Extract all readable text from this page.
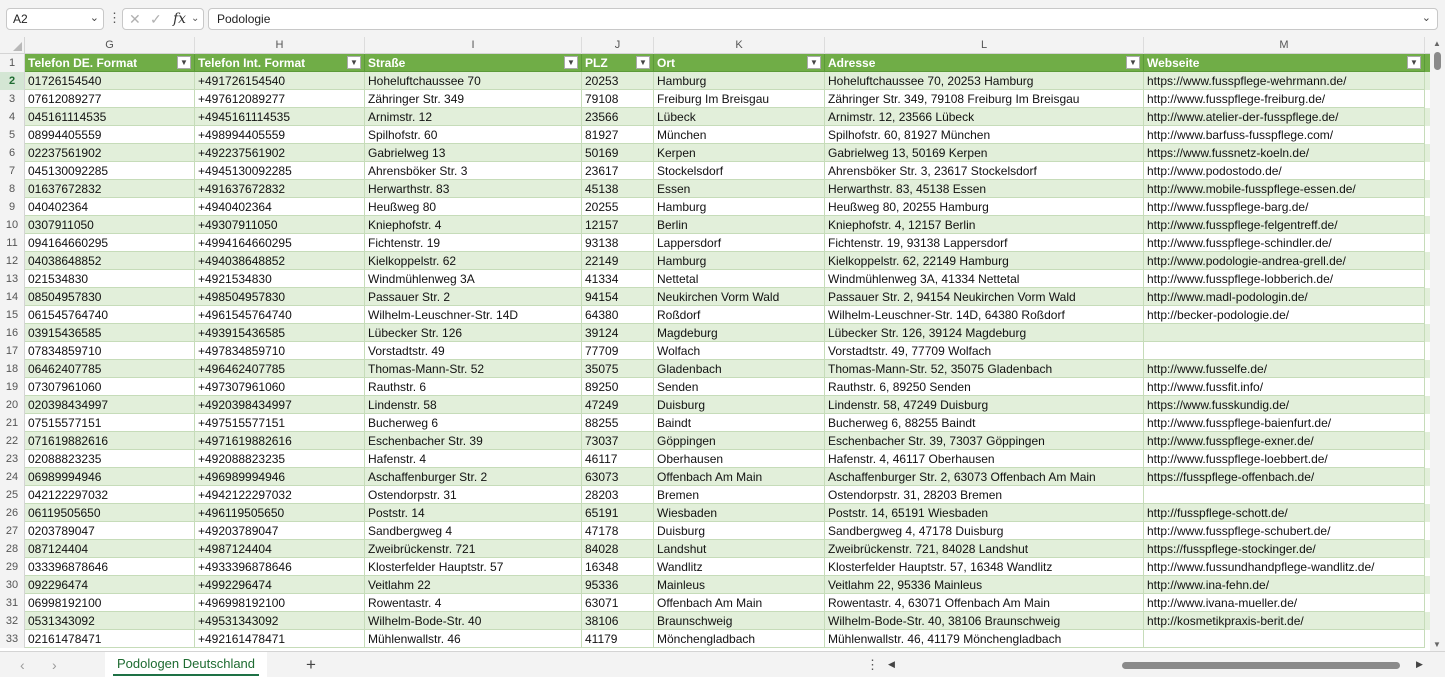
A2	⌄ ⋮ ✕ ✓ fx ⌄	Podologie	⌄
G	H	I	J	K	L	M
1
2
3
4
5
6
7
8
9
10
11
12
13
14
15
16
17
18
19
20
21
22
23
24
25
26
27
28
29
30
31
32
33
Telefon DE. Format	▼ Telefon Int. Format	▼ Straße	▼ PLZ	▼ Ort	▼ Adresse	▼ Webseite	▼
01726154540	+491726154540	Hoheluftchaussee 70	20253	Hamburg	Hoheluftchaussee 70, 20253 Hamburg	https://www.fusspflege-wehrmann.de/
07612089277	+497612089277	Zähringer Str. 349	79108	Freiburg Im Breisgau	Zähringer Str. 349, 79108 Freiburg Im Breisgau	http://www.fusspflege-freiburg.de/
045161114535	+4945161114535	Arnimstr. 12	23566	Lübeck	Arnimstr. 12, 23566 Lübeck	http://www.atelier-der-fusspflege.de/
08994405559	+498994405559	Spilhofstr. 60	81927	München	Spilhofstr. 60, 81927 München	http://www.barfuss-fusspflege.com/
02237561902	+492237561902	Gabrielweg 13	50169	Kerpen	Gabrielweg 13, 50169 Kerpen	https://www.fussnetz-koeln.de/
045130092285	+4945130092285	Ahrensböker Str. 3	23617	Stockelsdorf	Ahrensböker Str. 3, 23617 Stockelsdorf	http://www.podostodo.de/
01637672832	+491637672832	Herwarthstr. 83	45138	Essen	Herwarthstr. 83, 45138 Essen	http://www.mobile-fusspflege-essen.de/
040402364	+4940402364	Heußweg 80	20255	Hamburg	Heußweg 80, 20255 Hamburg	http://www.fusspflege-barg.de/
0307911050	+49307911050	Kniephofstr. 4	12157	Berlin	Kniephofstr. 4, 12157 Berlin	http://www.fusspflege-felgentreff.de/
094164660295	+4994164660295	Fichtenstr. 19	93138	Lappersdorf	Fichtenstr. 19, 93138 Lappersdorf	http://www.fusspflege-schindler.de/
04038648852	+494038648852	Kielkoppelstr. 62	22149	Hamburg	Kielkoppelstr. 62, 22149 Hamburg	http://www.podologie-andrea-grell.de/
021534830	+4921534830	Windmühlenweg 3A	41334	Nettetal	Windmühlenweg 3A, 41334 Nettetal	http://www.fusspflege-lobberich.de/
08504957830	+498504957830	Passauer Str. 2	94154	Neukirchen Vorm Wald	Passauer Str. 2, 94154 Neukirchen Vorm Wald	http://www.madl-podologin.de/
061545764740	+4961545764740	Wilhelm-Leuschner-Str. 14D	64380	Roßdorf	Wilhelm-Leuschner-Str. 14D, 64380 Roßdorf	http://becker-podologie.de/
03915436585	+493915436585	Lübecker Str. 126	39124	Magdeburg	Lübecker Str. 126, 39124 Magdeburg
07834859710	+497834859710	Vorstadtstr. 49	77709	Wolfach	Vorstadtstr. 49, 77709 Wolfach
06462407785	+496462407785	Thomas-Mann-Str. 52	35075	Gladenbach	Thomas-Mann-Str. 52, 35075 Gladenbach	http://www.fusselfe.de/
07307961060	+497307961060	Rauthstr. 6	89250	Senden	Rauthstr. 6, 89250 Senden	http://www.fussfit.info/
020398434997	+4920398434997	Lindenstr. 58	47249	Duisburg	Lindenstr. 58, 47249 Duisburg	https://www.fusskundig.de/
07515577151	+497515577151	Bucherweg 6	88255	Baindt	Bucherweg 6, 88255 Baindt	http://www.fusspflege-baienfurt.de/
071619882616	+4971619882616	Eschenbacher Str. 39	73037	Göppingen	Eschenbacher Str. 39, 73037 Göppingen	http://www.fusspflege-exner.de/
02088823235	+492088823235	Hafenstr. 4	46117	Oberhausen	Hafenstr. 4, 46117 Oberhausen	http://www.fusspflege-loebbert.de/
06989994946	+496989994946	Aschaffenburger Str. 2	63073	Offenbach Am Main	Aschaffenburger Str. 2, 63073 Offenbach Am Main	https://fusspflege-offenbach.de/
042122297032	+4942122297032	Ostendorpstr. 31	28203	Bremen	Ostendorpstr. 31, 28203 Bremen
06119505650	+496119505650	Poststr. 14	65191	Wiesbaden	Poststr. 14, 65191 Wiesbaden	http://fusspflege-schott.de/
0203789047	+49203789047	Sandbergweg 4	47178	Duisburg	Sandbergweg 4, 47178 Duisburg	http://www.fusspflege-schubert.de/
087124404	+4987124404	Zweibrückenstr. 721	84028	Landshut	Zweibrückenstr. 721, 84028 Landshut	https://fusspflege-stockinger.de/
033396878646	+4933396878646	Klosterfelder Hauptstr. 57	16348	Wandlitz	Klosterfelder Hauptstr. 57, 16348 Wandlitz	http://www.fussundhandpflege-wandlitz.de/
092296474	+4992296474	Veitlahm 22	95336	Mainleus	Veitlahm 22, 95336 Mainleus	http://www.ina-fehn.de/
06998192100	+496998192100	Rowentastr. 4	63071	Offenbach Am Main	Rowentastr. 4, 63071 Offenbach Am Main	http://www.ivana-mueller.de/
0531343092	+49531343092	Wilhelm-Bode-Str. 40	38106	Braunschweig	Wilhelm-Bode-Str. 40, 38106 Braunschweig	http://kosmetikpraxis-berit.de/
02161478471	+492161478471	Mühlenwallstr. 46	41179	Mönchengladbach	Mühlenwallstr. 46, 41179 Mönchengladbach
▲
▼
‹ ›	Podologen Deutschland	+	⋮ ◀	▶
